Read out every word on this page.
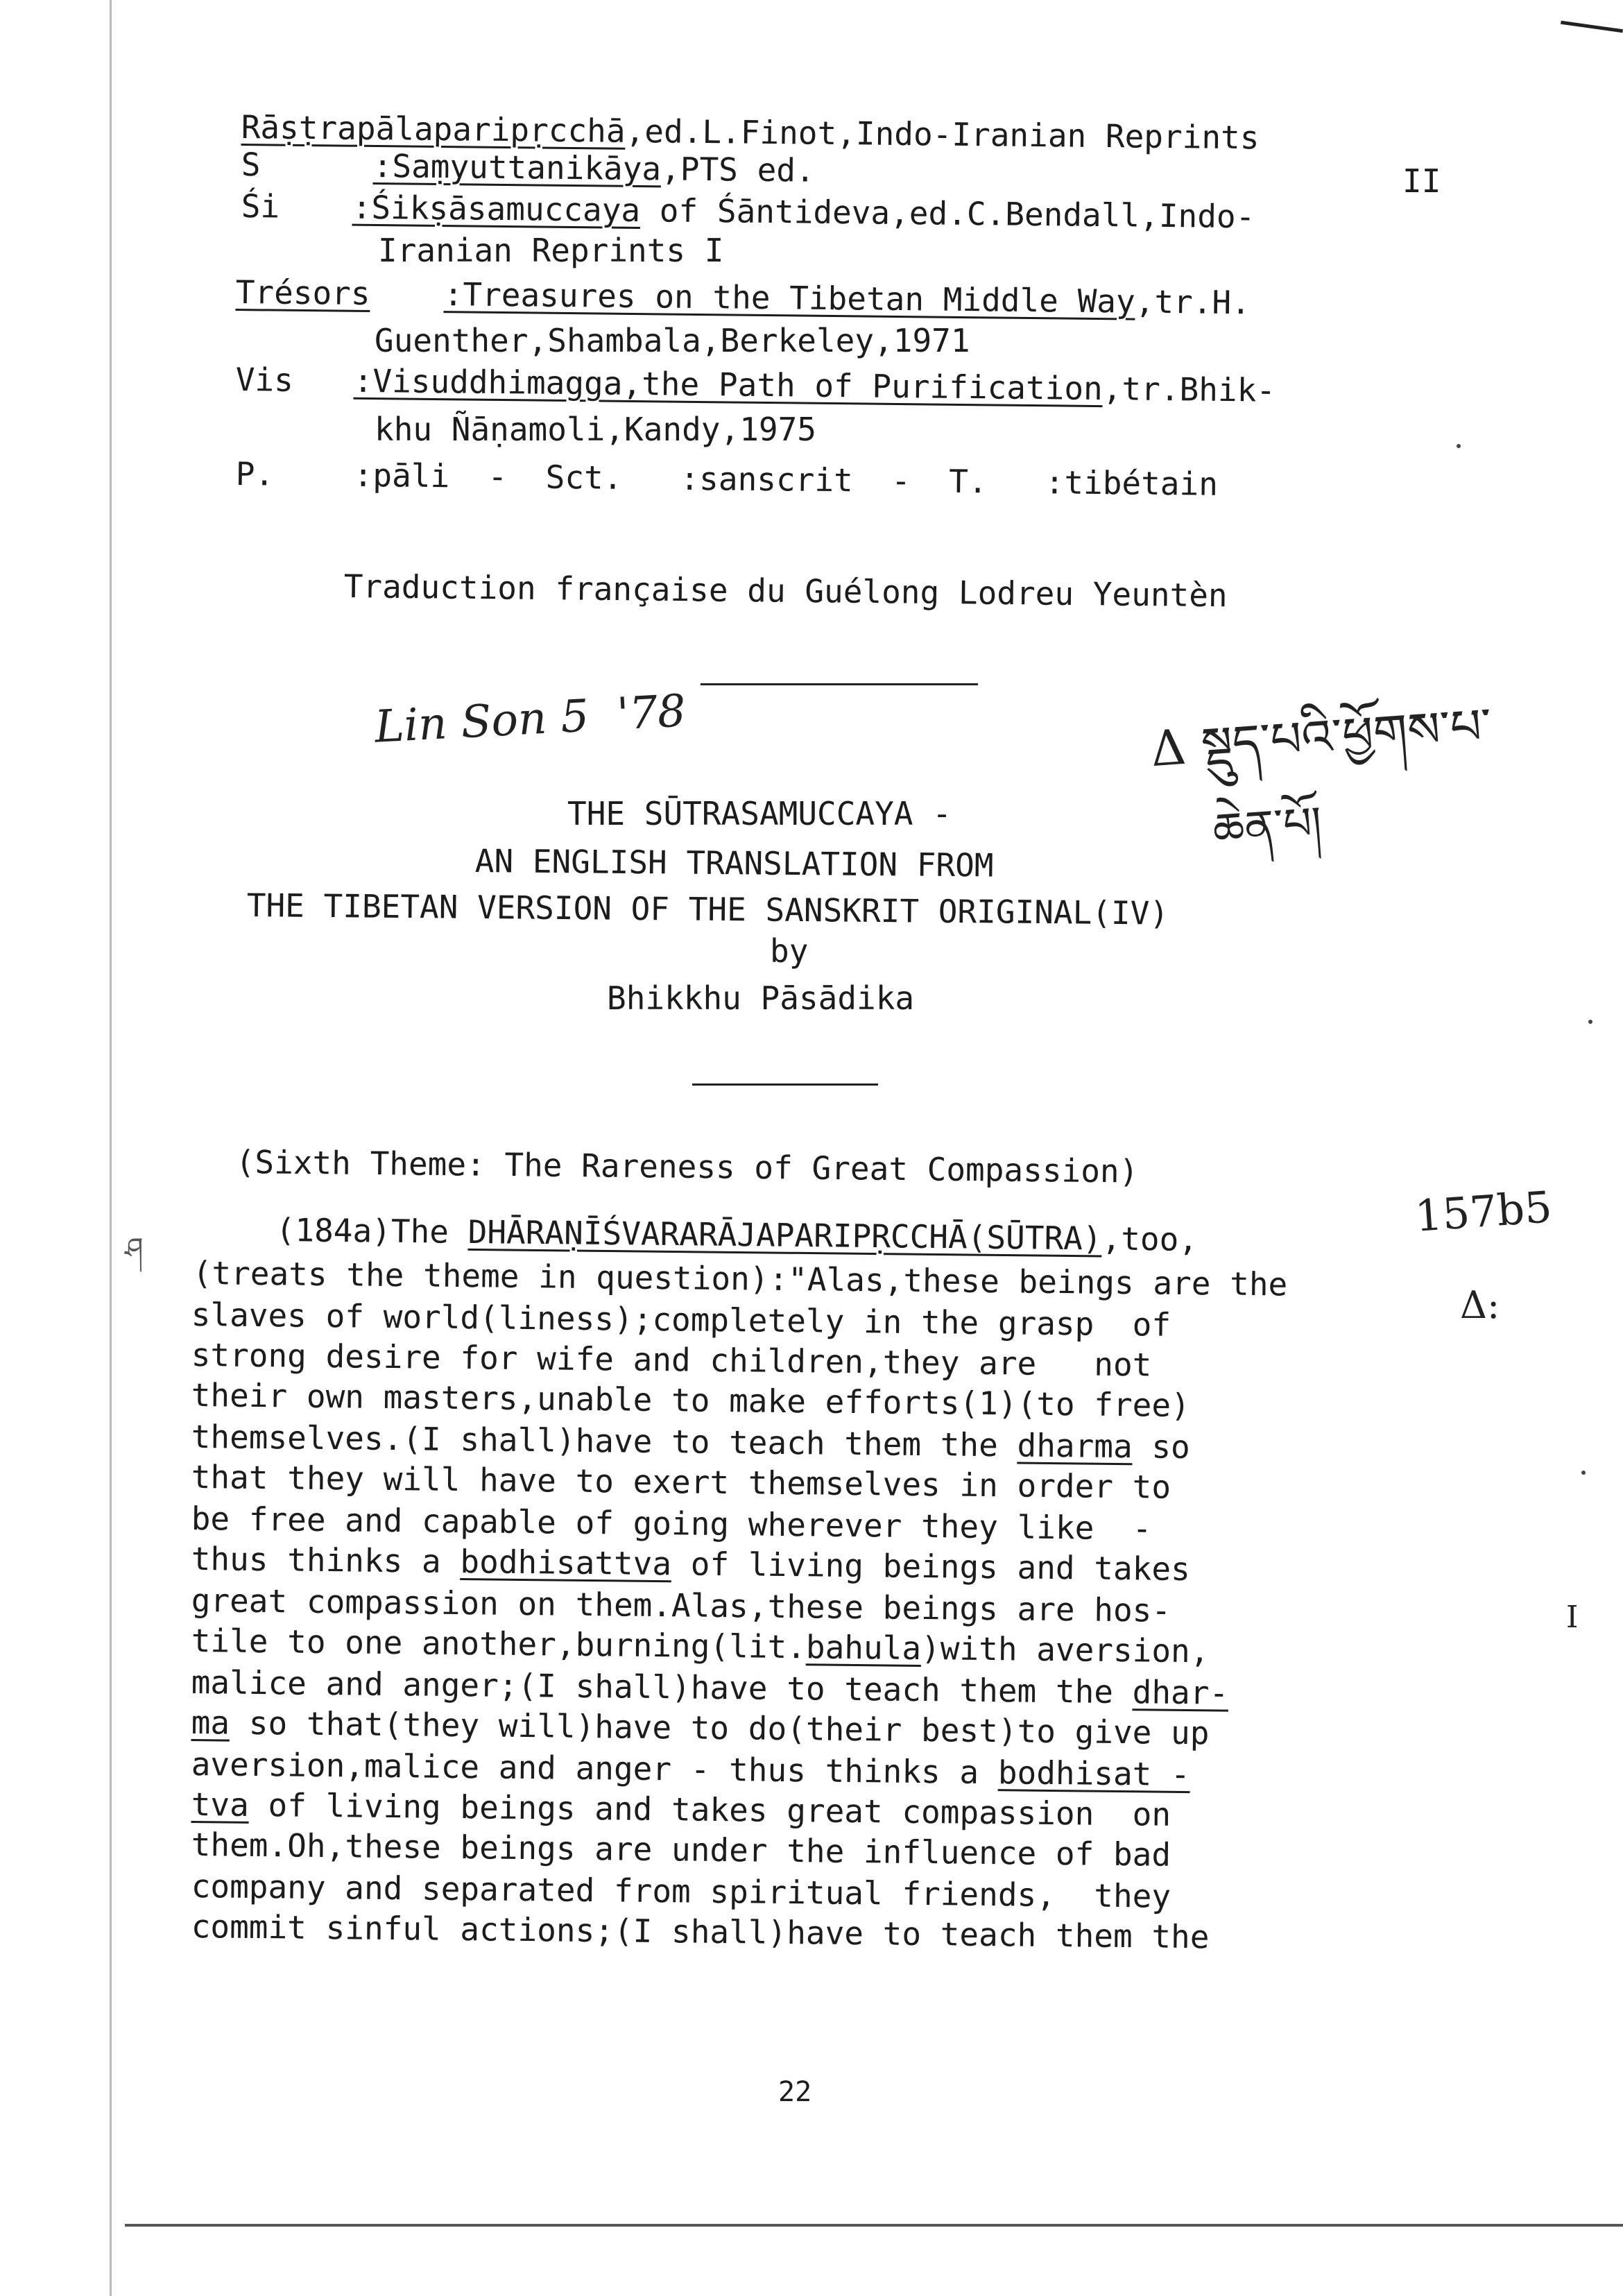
Rāṣṭrapālaparipṛcchā,ed.L.Finot,Indo-Iranian Reprints
S	:Saṃyuttanikāya,PTS ed.	II
Śi :Śikṣāsamuccaya of Śāntideva,ed.C.Bendall,Indo-
Iranian Reprints I
Trésors :Treasures on the Tibetan Middle Way,tr.H.
Guenther,Shambala,Berkeley,1971
Vis :Visuddhimagga,the Path of Purification,tr.Bhik-
khu Ñāṇamoli,Kandy,1975
P. :pāli  -  Sct.   :sanscrit  -  T.   :tibétain
Traduction française du Guélong Lodreu Yeuntèn
Lin Son 5  '78	Δ སྡུད་པའི་ཕྱོགས་པ་
ཆེན་པོ།
THE SŪTRASAMUCCAYA -
AN ENGLISH TRANSLATION FROM
THE TIBETAN VERSION OF THE SANSKRIT ORIGINAL(IV)
by
Bhikkhu Pāsādika
(Sixth Theme: The Rareness of Great Compassion)
ཤ
157b5
Δ:
I
(184a)The DHĀRAṆĪŚVARARĀJAPARIPṚCCHĀ(SŪTRA),too,
(treats the theme in question):"Alas,these beings are the
slaves of world(liness);completely in the grasp  of
strong desire for wife and children,they are   not
their own masters,unable to make efforts(1)(to free)
themselves.(I shall)have to teach them the dharma so
that they will have to exert themselves in order to
be free and capable of going wherever they like  -
thus thinks a bodhisattva of living beings and takes
great compassion on them.Alas,these beings are hos-
tile to one another,burning(lit.bahula)with aversion,
malice and anger;(I shall)have to teach them the dhar-
ma so that(they will)have to do(their best)to give up
aversion,malice and anger - thus thinks a bodhisat -
tva of living beings and takes great compassion  on
them.Oh,these beings are under the influence of bad
company and separated from spiritual friends,  they
commit sinful actions;(I shall)have to teach them the
22
